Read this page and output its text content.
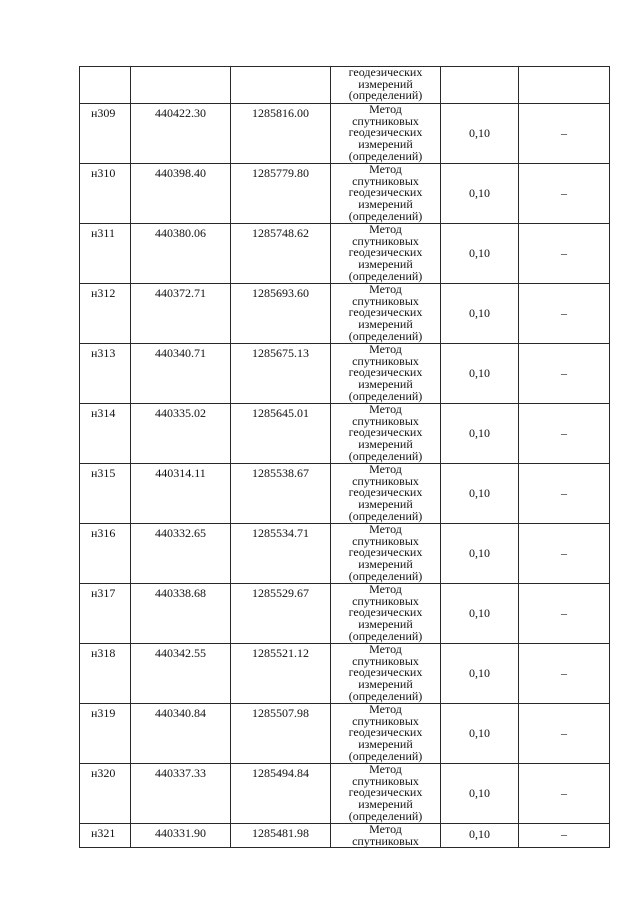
			геодезических
измерений
(определений)		

н309	440422.30	1285816.00	Метод
спутниковых
геодезических
измерений
(определений)	0,10	–
н310	440398.40	1285779.80	Метод
спутниковых
геодезических
измерений
(определений)	0,10	–
н311	440380.06	1285748.62	Метод
спутниковых
геодезических
измерений
(определений)	0,10	–
н312	440372.71	1285693.60	Метод
спутниковых
геодезических
измерений
(определений)	0,10	–
н313	440340.71	1285675.13	Метод
спутниковых
геодезических
измерений
(определений)	0,10	–
н314	440335.02	1285645.01	Метод
спутниковых
геодезических
измерений
(определений)	0,10	–
н315	440314.11	1285538.67	Метод
спутниковых
геодезических
измерений
(определений)	0,10	–
н316	440332.65	1285534.71	Метод
спутниковых
геодезических
измерений
(определений)	0,10	–
н317	440338.68	1285529.67	Метод
спутниковых
геодезических
измерений
(определений)	0,10	–
н318	440342.55	1285521.12	Метод
спутниковых
геодезических
измерений
(определений)	0,10	–
н319	440340.84	1285507.98	Метод
спутниковых
геодезических
измерений
(определений)	0,10	–
н320	440337.33	1285494.84	Метод
спутниковых
геодезических
измерений
(определений)	0,10	–
н321	440331.90	1285481.98	Метод
спутниковых	0,10	–
